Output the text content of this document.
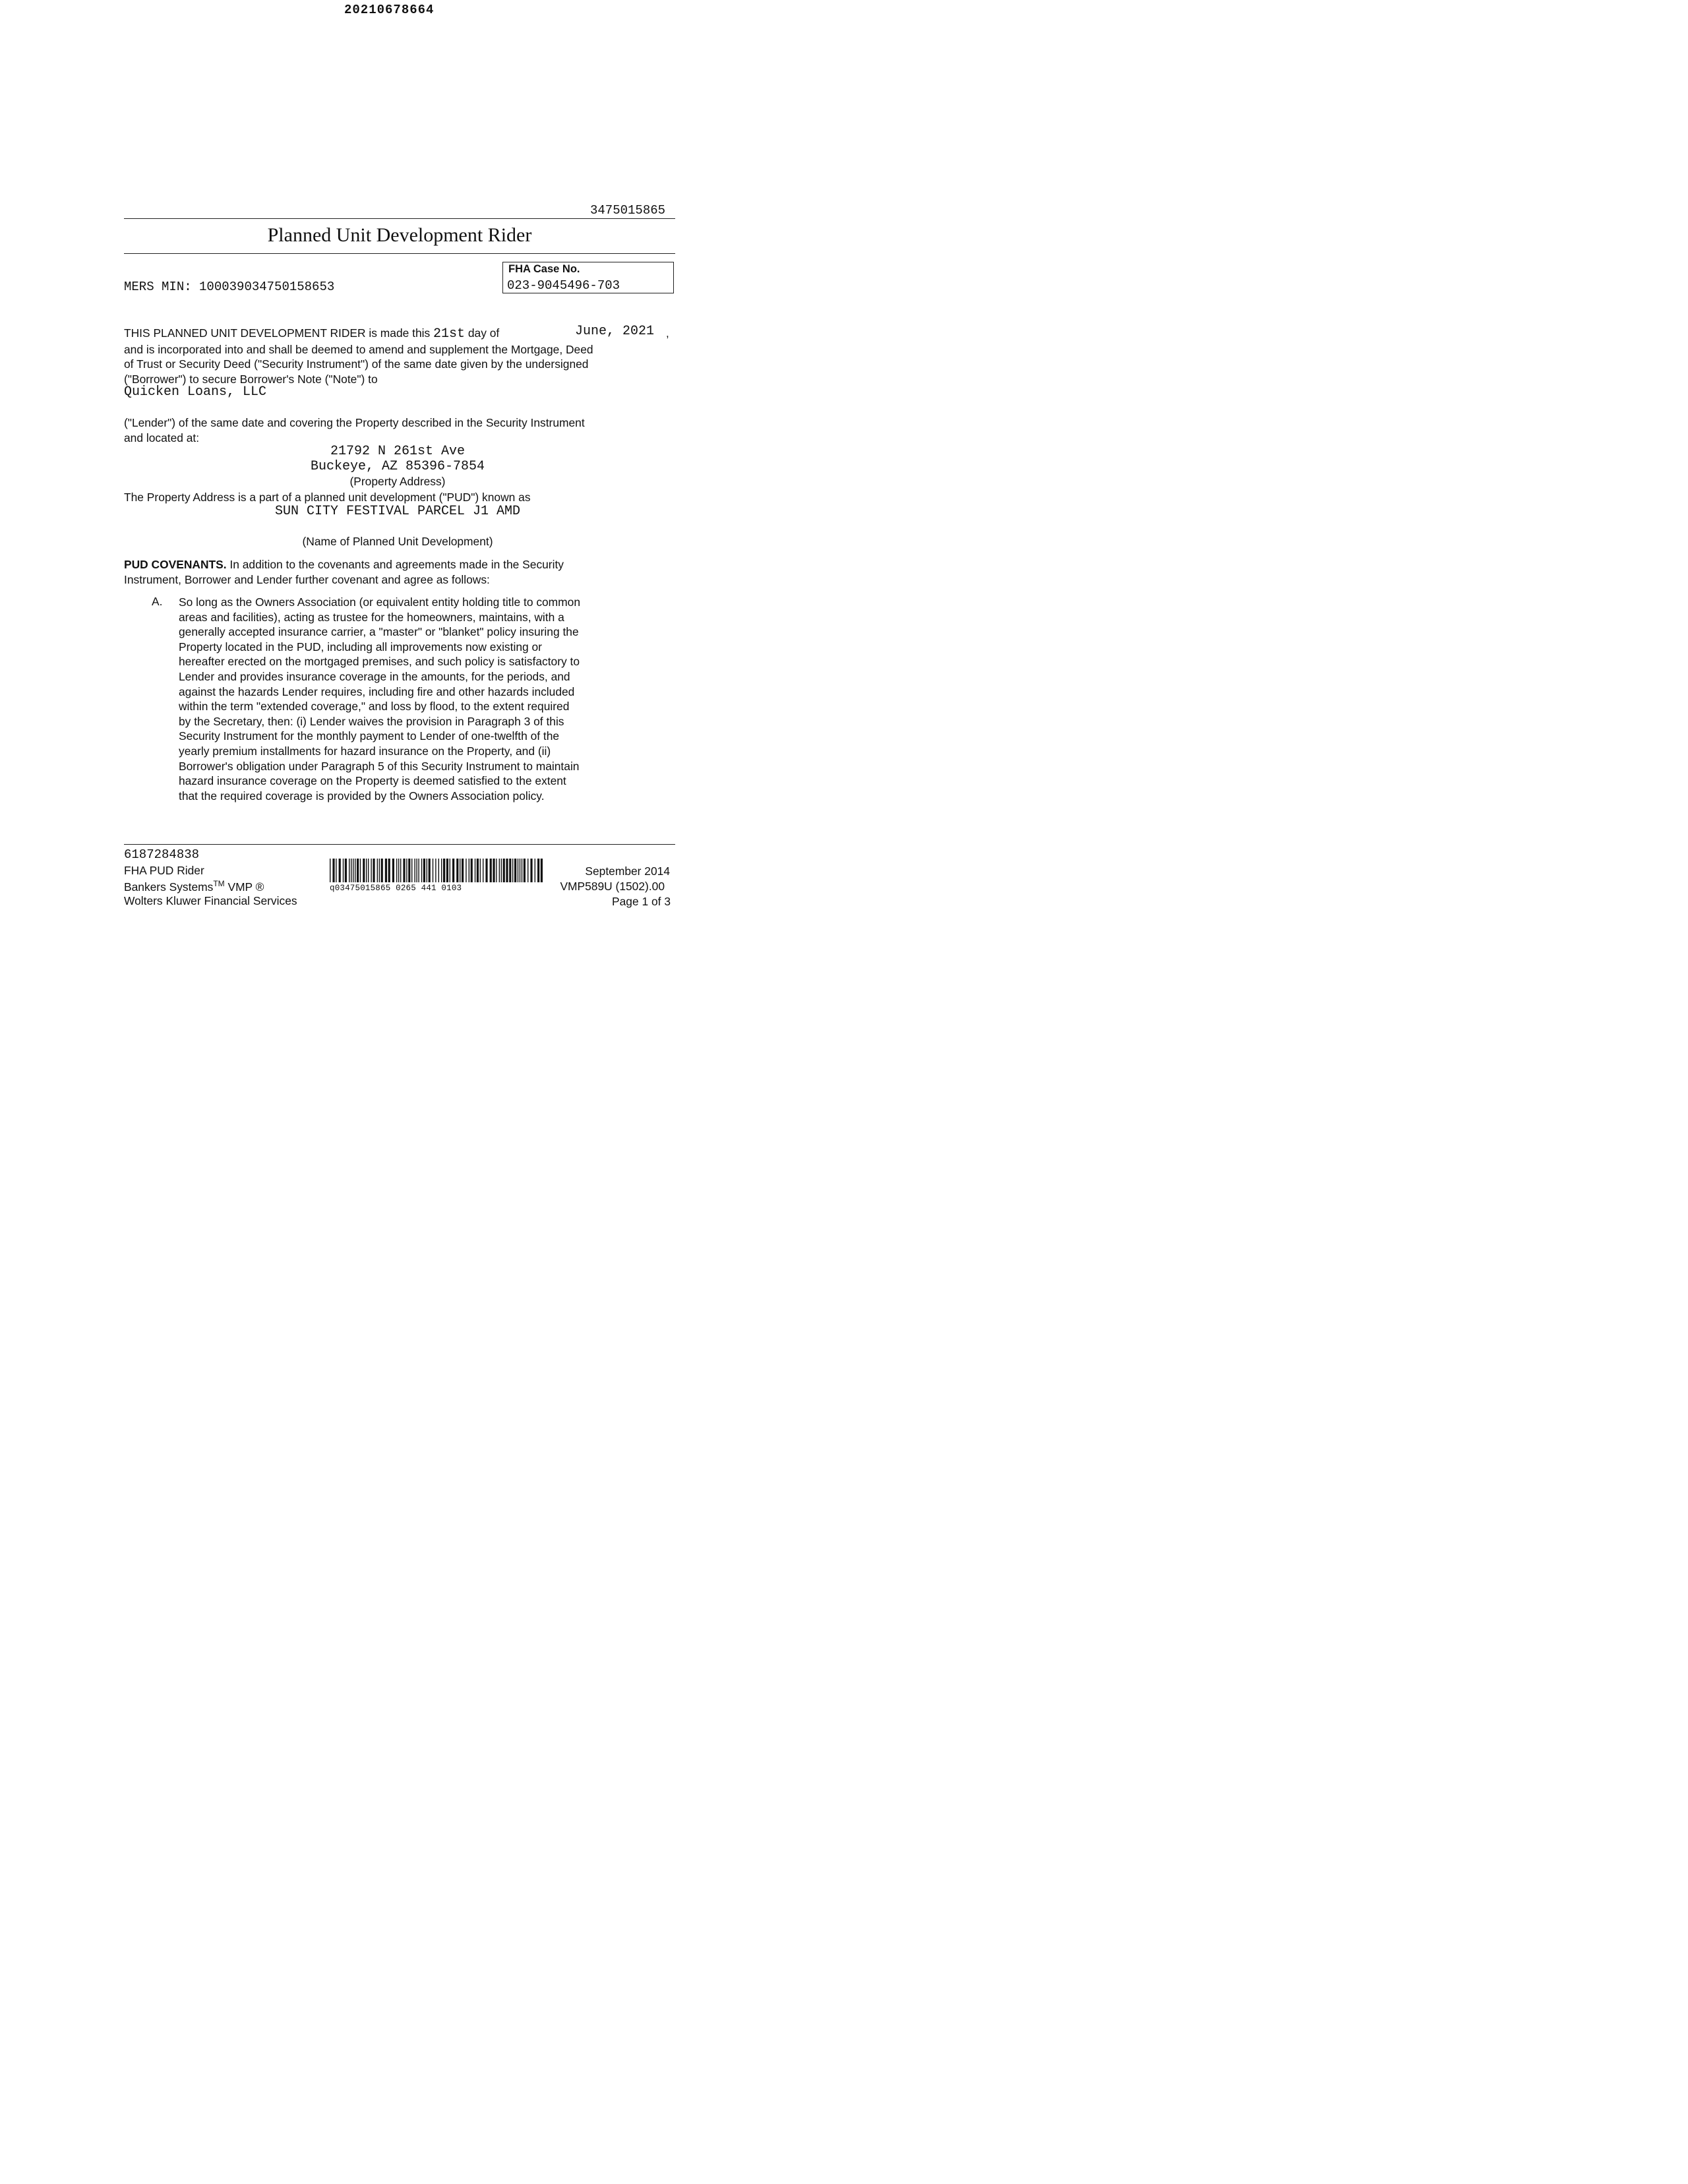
20210678664
3475015865
Planned Unit Development Rider
MERS MIN: 100039034750158653
FHA Case No.
023-9045496-703
THIS PLANNED UNIT DEVELOPMENT RIDER is made this 21st day of
and is incorporated into and shall be deemed to amend and supplement the Mortgage, Deed
of Trust or Security Deed ("Security Instrument") of the same date given by the undersigned
("Borrower") to secure Borrower's Note ("Note") to
June, 2021 ,
Quicken Loans, LLC
("Lender") of the same date and covering the Property described in the Security Instrument
and located at:
21792 N 261st Ave
Buckeye, AZ 85396-7854
(Property Address)
The Property Address is a part of a planned unit development ("PUD") known as
SUN CITY FESTIVAL PARCEL J1 AMD
(Name of Planned Unit Development)
PUD COVENANTS. In addition to the covenants and agreements made in the Security
Instrument, Borrower and Lender further covenant and agree as follows:
A. So long as the Owners Association (or equivalent entity holding title to common
areas and facilities), acting as trustee for the homeowners, maintains, with a
generally accepted insurance carrier, a "master" or "blanket" policy insuring the
Property located in the PUD, including all improvements now existing or
hereafter erected on the mortgaged premises, and such policy is satisfactory to
Lender and provides insurance coverage in the amounts, for the periods, and
against the hazards Lender requires, including fire and other hazards included
within the term "extended coverage," and loss by flood, to the extent required
by the Secretary, then: (i) Lender waives the provision in Paragraph 3 of this
Security Instrument for the monthly payment to Lender of one-twelfth of the
yearly premium installments for hazard insurance on the Property, and (ii)
Borrower's obligation under Paragraph 5 of this Security Instrument to maintain
hazard insurance coverage on the Property is deemed satisfied to the extent
that the required coverage is provided by the Owners Association policy.
6187284838
FHA PUD Rider
Bankers Systems™ VMP ®
Wolters Kluwer Financial Services
q03475015865 0265 441 0103
September 2014
VMP589U (1502).00
Page 1 of 3
